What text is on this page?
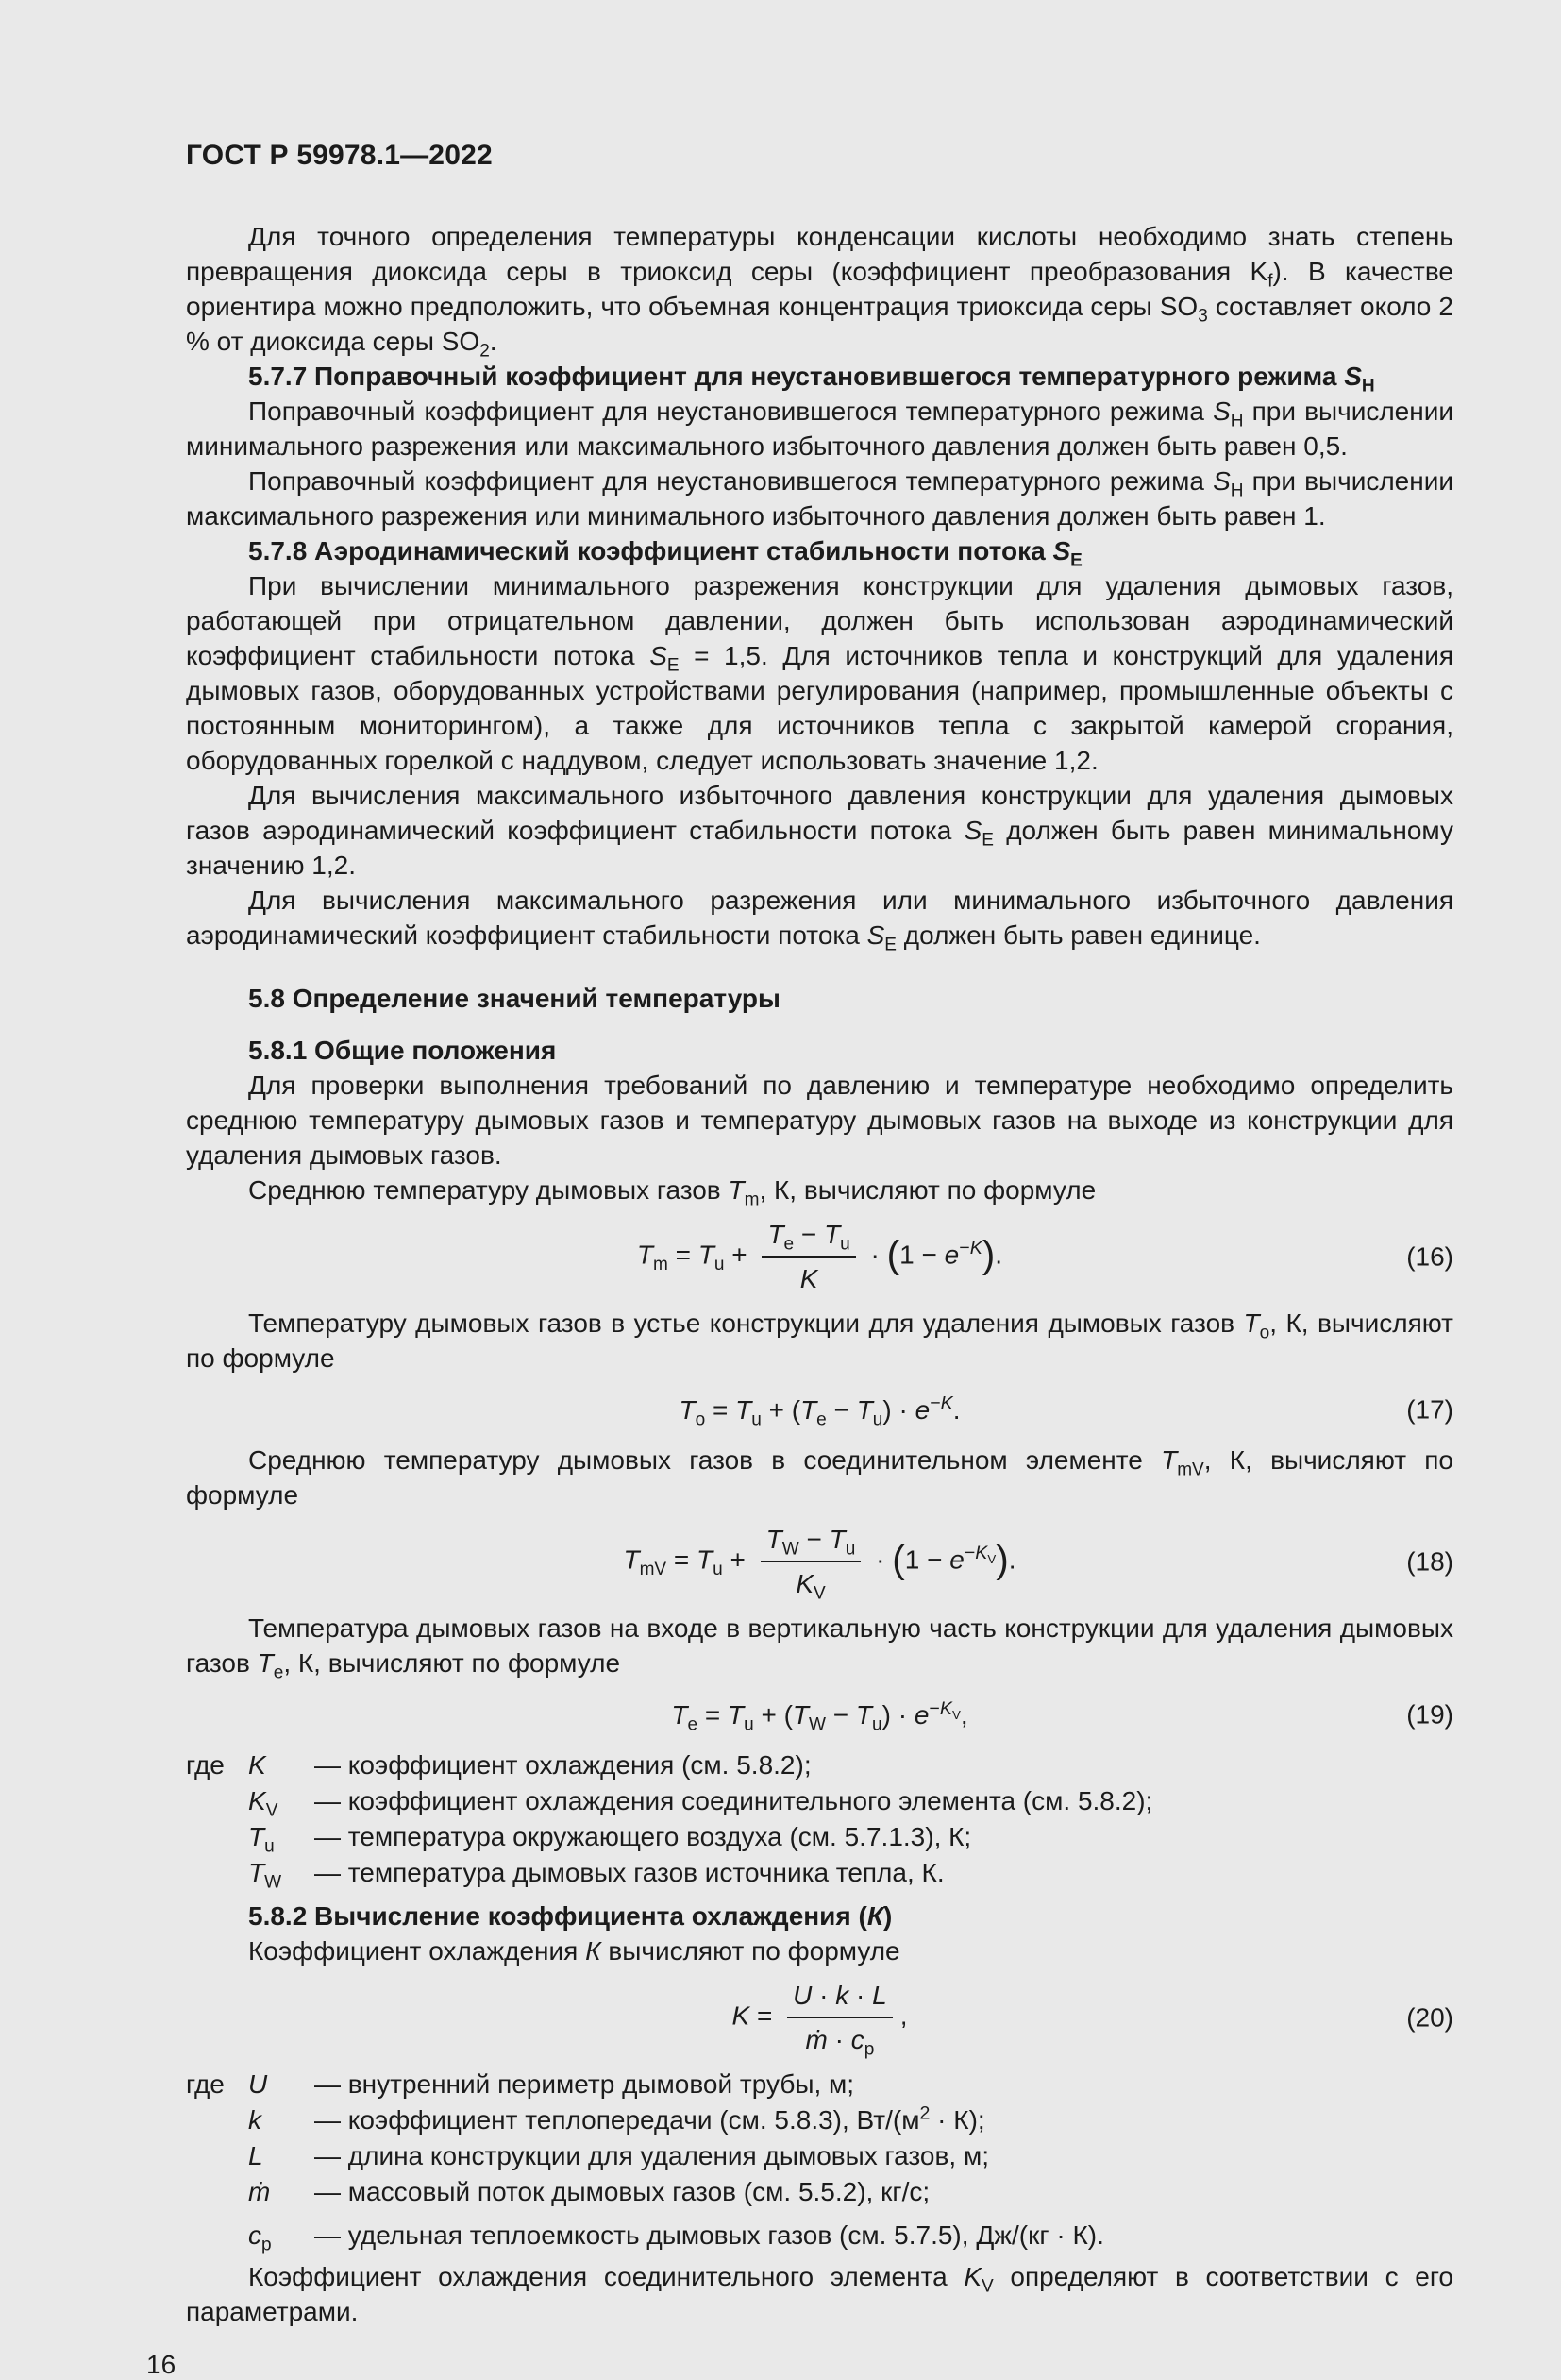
ГОСТ Р 59978.1—2022

Для точного определения температуры конденсации кислоты необходимо знать степень превращения диоксида серы в триоксид серы (коэффициент преобразования $K_f$). В качестве ориентира можно предположить, что объемная концентрация триоксида серы $SO_3$ составляет около 2 % от диоксида серы $SO_2$.

5.7.7 Поправочный коэффициент для неустановившегося температурного режима $S_H$

Поправочный коэффициент для неустановившегося температурного режима $S_H$ при вычислении минимального разрежения или максимального избыточного давления должен быть равен 0,5.

Поправочный коэффициент для неустановившегося температурного режима $S_H$ при вычислении максимального разрежения или минимального избыточного давления должен быть равен 1.

5.7.8 Аэродинамический коэффициент стабильности потока $S_E$

При вычислении минимального разрежения конструкции для удаления дымовых газов, работающей при отрицательном давлении, должен быть использован аэродинамический коэффициент стабильности потока $S_E = 1,5$. Для источников тепла и конструкций для удаления дымовых газов, оборудованных устройствами регулирования (например, промышленные объекты с постоянным мониторингом), а также для источников тепла с закрытой камерой сгорания, оборудованных горелкой с наддувом, следует использовать значение 1,2.

Для вычисления максимального избыточного давления конструкции для удаления дымовых газов аэродинамический коэффициент стабильности потока $S_E$ должен быть равен минимальному значению 1,2.

Для вычисления максимального разрежения или минимального избыточного давления аэродинамический коэффициент стабильности потока $S_E$ должен быть равен единице.

5.8 Определение значений температуры

5.8.1 Общие положения

Для проверки выполнения требований по давлению и температуре необходимо определить среднюю температуру дымовых газов и температуру дымовых газов на выходе из конструкции для удаления дымовых газов.

Среднюю температуру дымовых газов $T_m$, К, вычисляют по формуле

$T_m = T_u + \frac{T_e - T_u}{K} \cdot (1 - e^{-K})$.	(16)

Температуру дымовых газов в устье конструкции для удаления дымовых газов $T_o$, К, вычисляют по формуле

$T_o = T_u + (T_e - T_u) \cdot e^{-K}$.	(17)

Среднюю температуру дымовых газов в соединительном элементе $T_{mV}$, К, вычисляют по формуле

$T_{mV} = T_u + \frac{T_W - T_u}{K_V} \cdot (1 - e^{-K_V})$.	(18)

Температура дымовых газов на входе в вертикальную часть конструкции для удаления дымовых газов $T_e$, К, вычисляют по формуле

$T_e = T_u + (T_W - T_u) \cdot e^{-K_V}$,	(19)
где K	— коэффициент охлаждения (см. 5.8.2);
$K_V$	— коэффициент охлаждения соединительного элемента (см. 5.8.2);
$T_u$	— температура окружающего воздуха (см. 5.7.1.3), К;
$T_W$	— температура дымовых газов источника тепла, К.

5.8.2 Вычисление коэффициента охлаждения (К)

Коэффициент охлаждения К вычисляют по формуле

$K = \frac{U \cdot k \cdot L}{ṁ \cdot c_p}$ ,	(20)
где U	— внутренний периметр дымовой трубы, м;
k	— коэффициент теплопередачи (см. 5.8.3), $Вт/(м^2 \cdot К)$;
L	— длина конструкции для удаления дымовых газов, м;
ṁ	— массовый поток дымовых газов (см. 5.5.2), кг/с;
$c_p$	— удельная теплоемкость дымовых газов (см. 5.7.5), Дж/(кг · К).

Коэффициент охлаждения соединительного элемента $K_V$ определяют в соответствии с его параметрами.

16
